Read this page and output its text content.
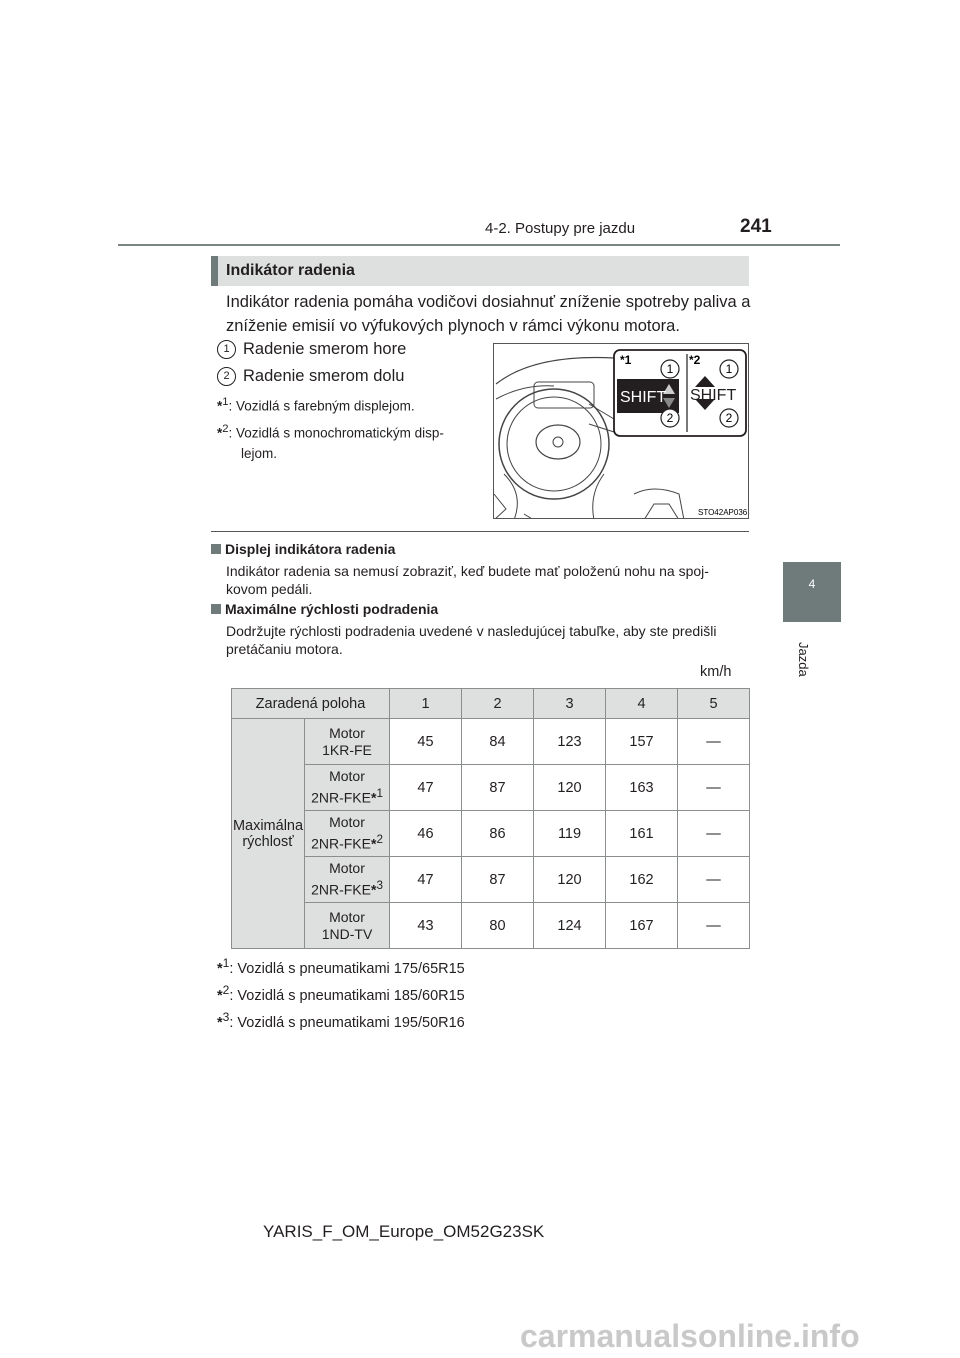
4-2. Postupy pre jazdu	241
4
Jazda
Indikátor radenia
Indikátor radenia pomáha vodičovi dosiahnuť zníženie spotreby paliva a zníženie emisií vo výfukových plynoch v rámci výkonu motora.
1 Radenie smerom hore
2 Radenie smerom dolu
*$^1$: Vozidlá s farebným displejom.
*$^2$: Vozidlá s monochromatickým disp-
lejom.
SHIFT SHIFT
1
2
1
2
*1	*2
STO42AP036
Displej indikátora radenia
Indikátor radenia sa nemusí zobraziť, keď budete mať položenú nohu na spoj-
kovom pedáli.
Maximálne rýchlosti podradenia
Dodržujte rýchlosti podradenia uvedené v nasledujúcej tabuľke, aby ste predišli
pretáčaniu motora.
km/h
Zaradená poloha		1	2	3	4	5
Maximálna
rýchlosť	Motor
1KR-FE	45	84	123	157	—
	Motor
2NR-FKE*$^1$	47	87	120	163	—
	Motor
2NR-FKE*$^2$	46	86	119	161	—
	Motor
2NR-FKE*$^3$	47	87	120	162	—
	Motor
1ND-TV	43	80	124	167	—
*$^1$: Vozidlá s pneumatikami 175/65R15
*$^2$: Vozidlá s pneumatikami 185/60R15
*$^3$: Vozidlá s pneumatikami 195/50R16
YARIS_F_OM_Europe_OM52G23SK
carmanualsonline.info
